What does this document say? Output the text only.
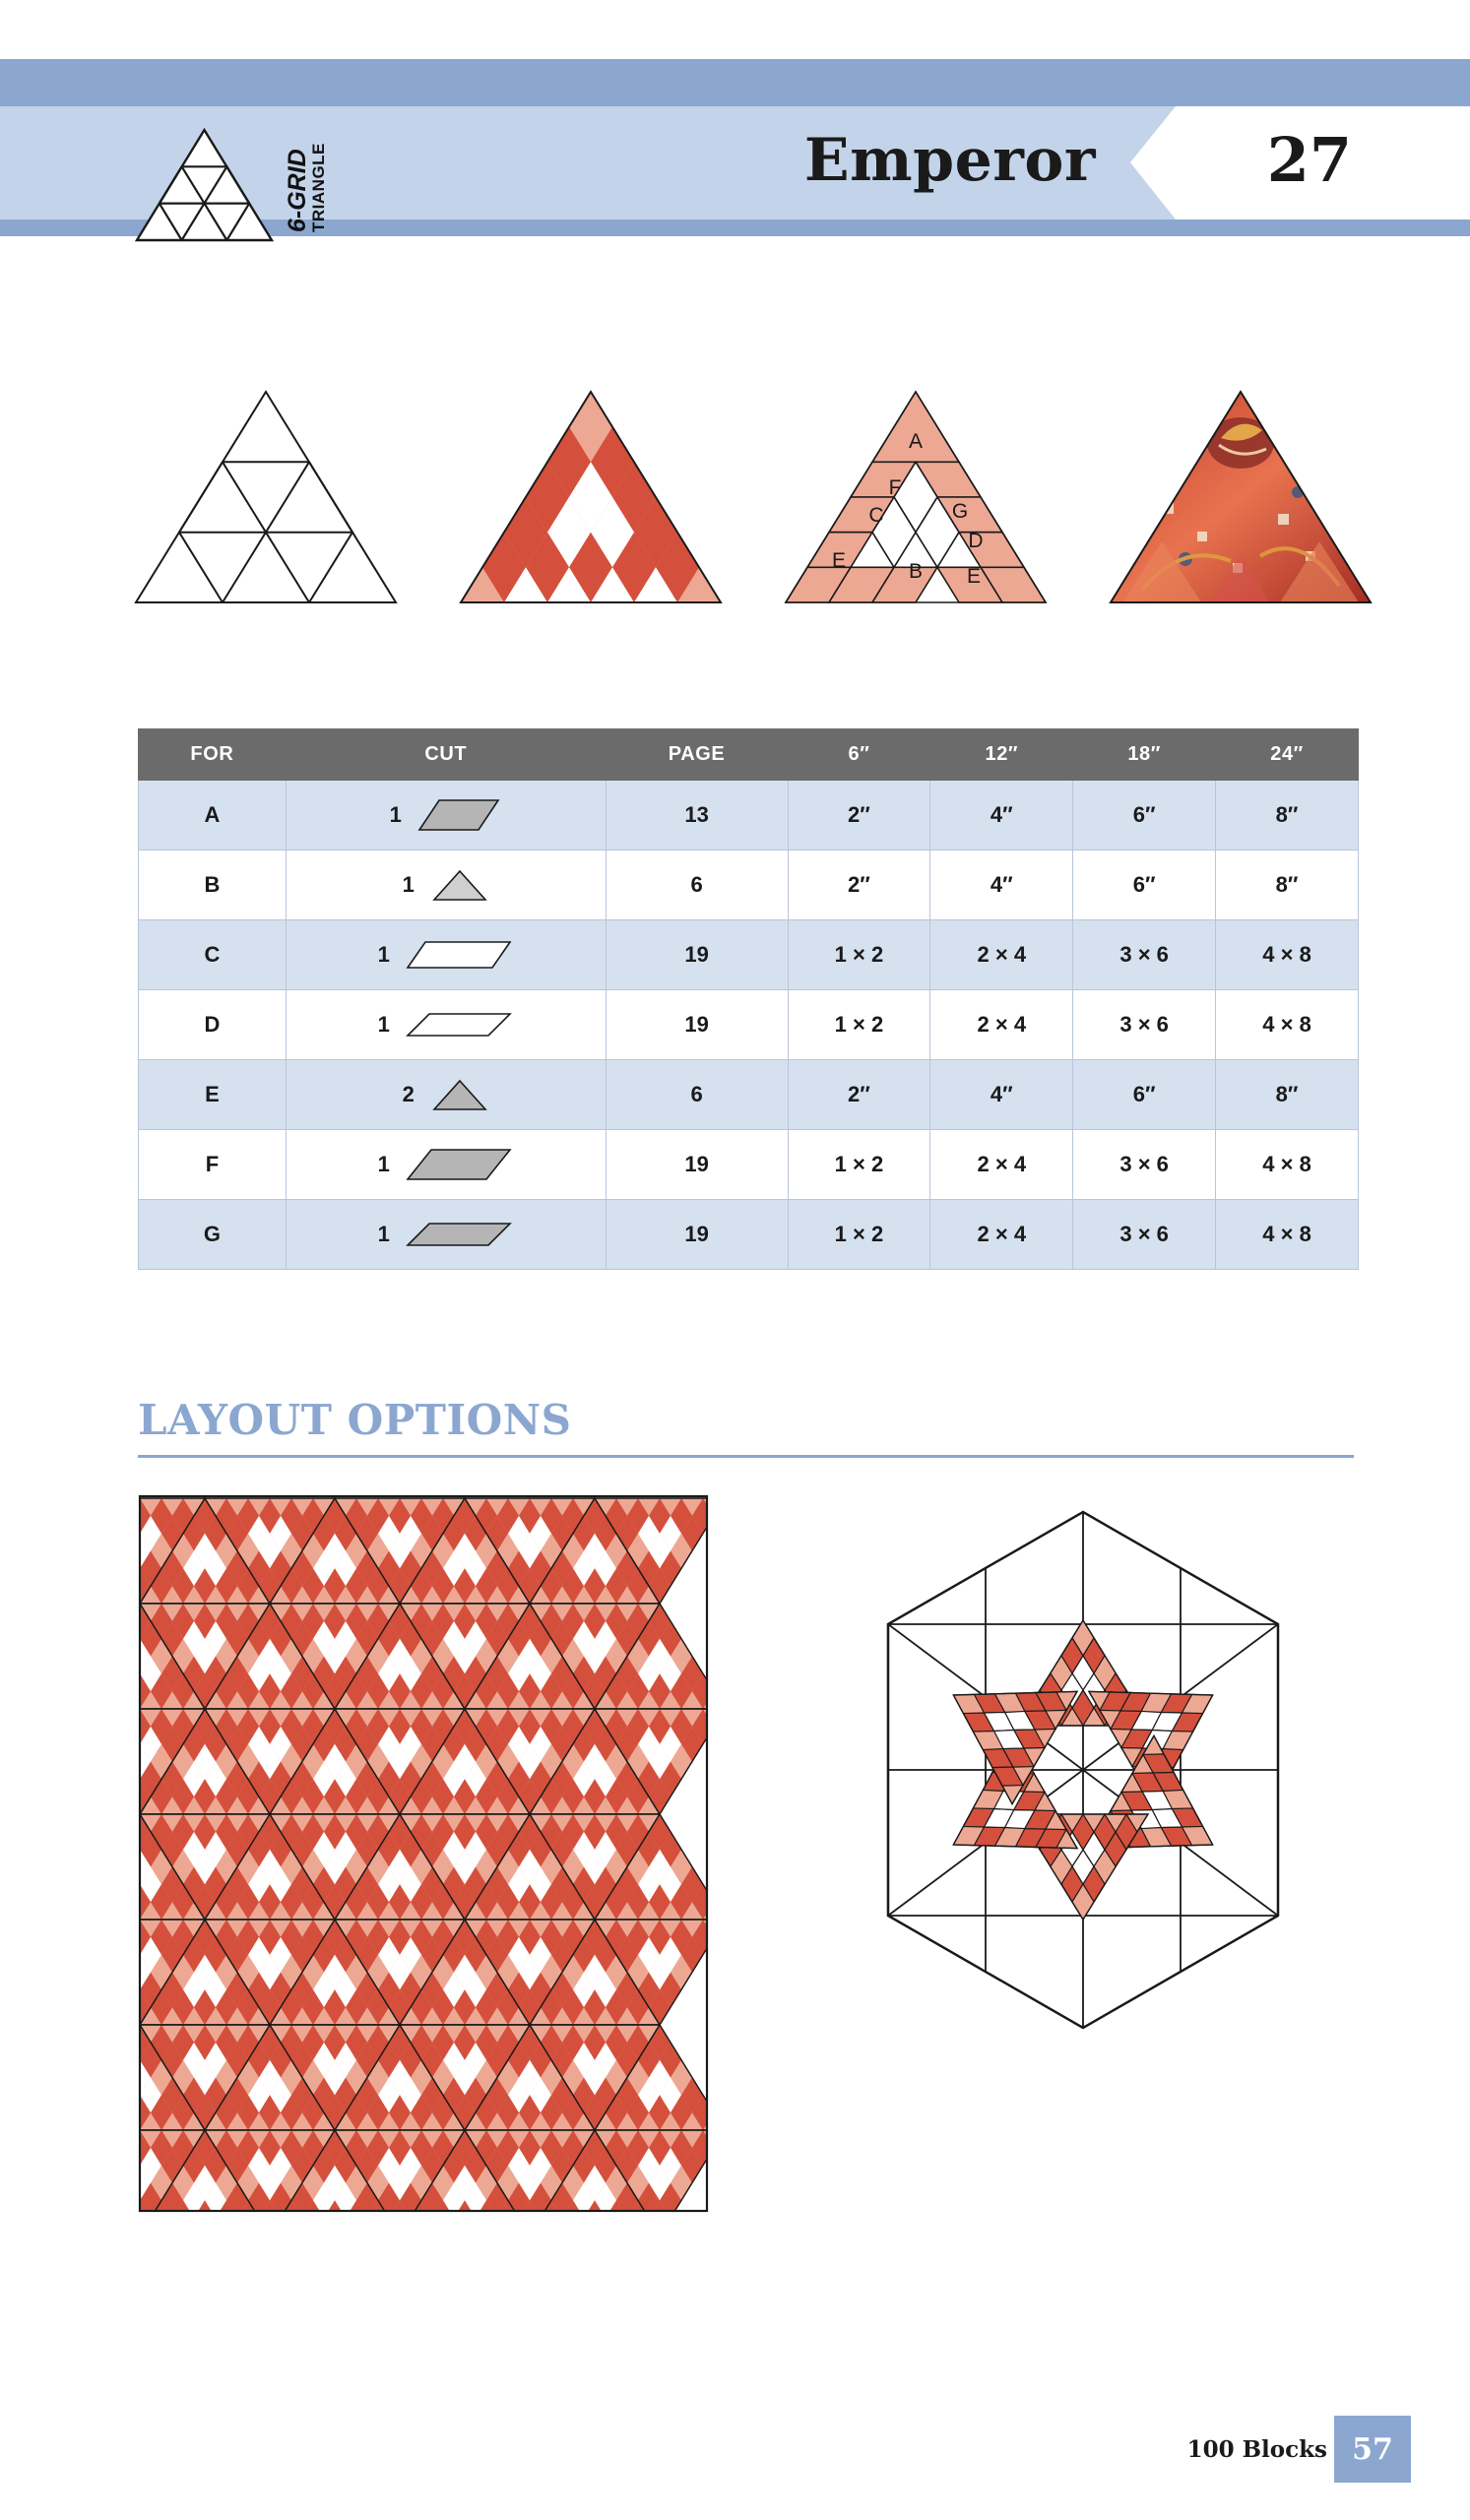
6-GRID
TRIANGLE	Emperor	27
A
F
C
E	B
G
D
E
FOR	CUT	PAGE	6″	12″	18″	24″
A	1	13	2″	4″	6″	8″
B	1	6	2″	4″	6″	8″
C	1	19	1 × 2	2 × 4	3 × 6	4 × 8
D	1	19	1 × 2	2 × 4	3 × 6	4 × 8
E	2	6	2″	4″	6″	8″
F	1	19	1 × 2	2 × 4	3 × 6	4 × 8
G	1	19	1 × 2	2 × 4	3 × 6	4 × 8
LAYOUT OPTIONS
100 Blocks 57
